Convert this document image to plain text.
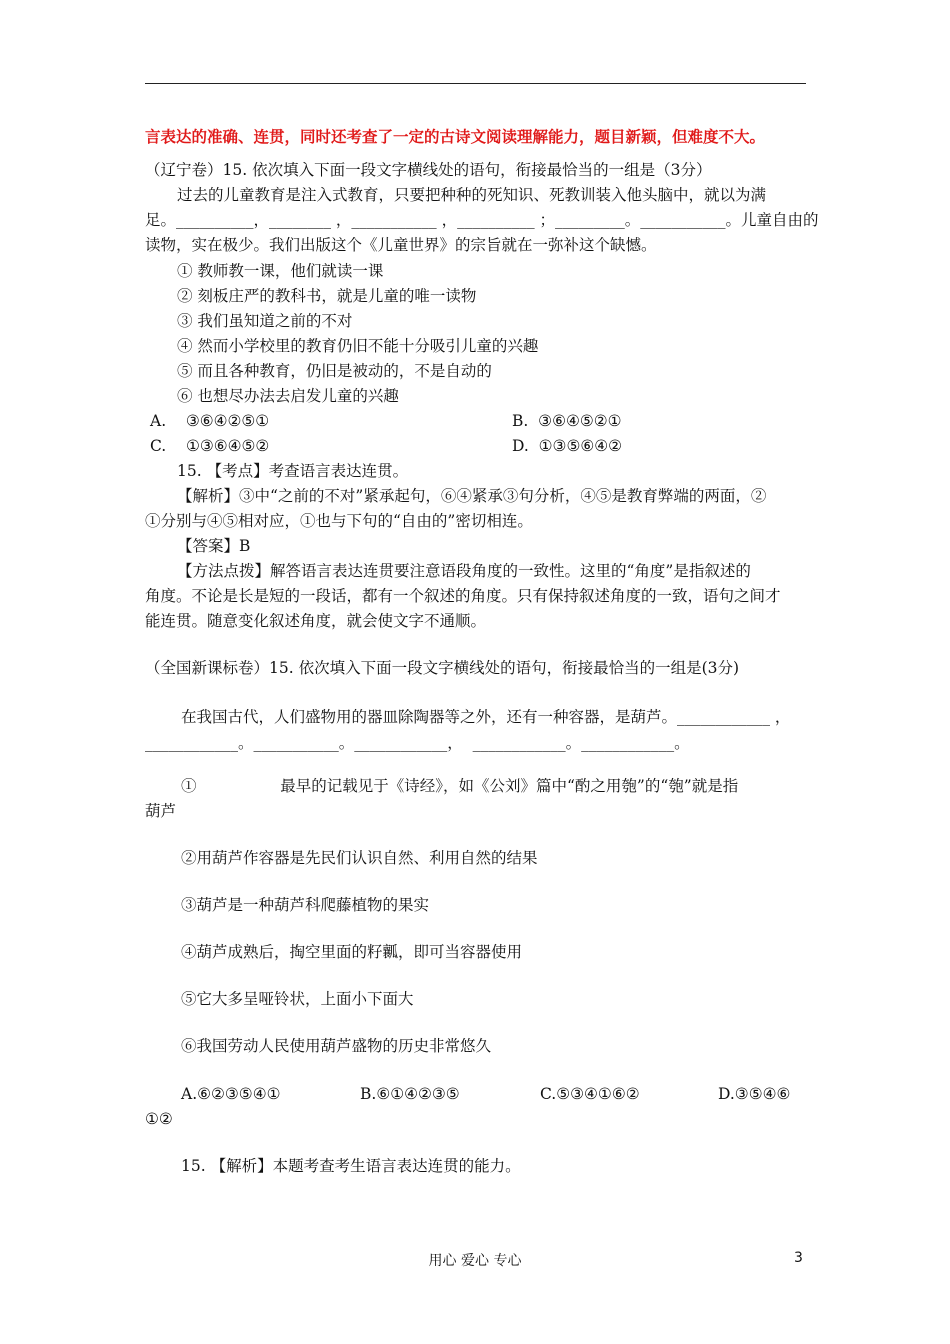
言表达的准确、连贯，同时还考查了一定的古诗文阅读理解能力，题目新颖，但难度不大。
（辽宁卷）15. 依次填入下面一段文字横线处的语句，衔接最恰当的一组是（3分）
过去的儿童教育是注入式教育，只要把种种的死知识、死教训装入他头脑中，就以为满
足。__________，________ ，___________ ，__________ ；_________。___________。儿童自由的
读物，实在极少。我们出版这个《儿童世界》的宗旨就在一弥补这个缺憾。
① 教师教一课，他们就读一课
② 刻板庄严的教科书，就是儿童的唯一读物
③ 我们虽知道之前的不对
④ 然而小学校里的教育仍旧不能十分吸引儿童的兴趣
⑤ 而且各种教育，仍旧是被动的，不是自动的
⑥ 也想尽办法去启发儿童的兴趣
A.    ③⑥④②⑤①	B.  ③⑥④⑤②①
C.    ①③⑥④⑤②	D.  ①③⑤⑥④②
15. 【考点】考查语言表达连贯。
【解析】③中“之前的不对”紧承起句，⑥④紧承③句分析，④⑤是教育弊端的两面，②
①分别与④⑤相对应，①也与下句的“自由的”密切相连。
【答案】B
【方法点拨】解答语言表达连贯要注意语段角度的一致性。这里的“角度”是指叙述的
角度。不论是长是短的一段话，都有一个叙述的角度。只有保持叙述角度的一致，语句之间才
能连贯。随意变化叙述角度，就会使文字不通顺。
（全国新课标卷）15. 依次填入下面一段文字横线处的语句，衔接最恰当的一组是(3分)
在我国古代，人们盛物用的器皿除陶器等之外，还有一种容器，是葫芦。____________ ，
____________。___________。____________，  ____________。____________。
①                 最早的记载见于《诗经》，如《公刘》篇中“酌之用匏”的“匏”就是指
葫芦
②用葫芦作容器是先民们认识自然、利用自然的结果
③葫芦是一种葫芦科爬藤植物的果实
④葫芦成熟后，掏空里面的籽瓤，即可当容器使用
⑤它大多呈哑铃状，上面小下面大
⑥我国劳动人民使用葫芦盛物的历史非常悠久
A.⑥②③⑤④①	B.⑥①④②③⑤	C.⑤③④①⑥②	D.③⑤④⑥
①②
15. 【解析】本题考查考生语言表达连贯的能力。
用心 爱心 专心	3
